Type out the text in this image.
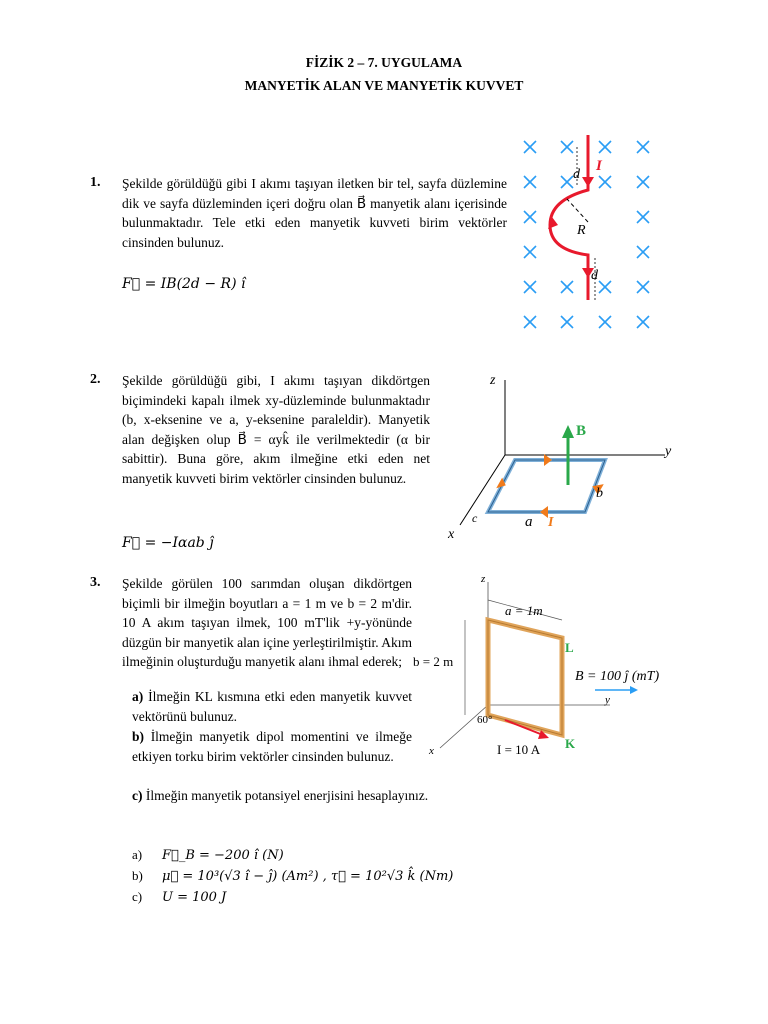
FİZİK 2 – 7. UYGULAMA
MANYETİK ALAN VE MANYETİK KUVVET
1. Şekilde görüldüğü gibi I akımı taşıyan iletken bir tel, sayfa düzlemine dik ve sayfa düzleminden içeri doğru olan B⃗ manyetik alanı içerisinde bulunmaktadır. Tele etki eden manyetik kuvveti birim vektörler cinsinden bulunuz.
F⃗ = IB(2d − R) î
I
d
R
d
2. Şekilde görüldüğü gibi, I akımı taşıyan dikdörtgen biçimindeki kapalı ilmek xy-düzleminde bulunmaktadır (b, x-eksenine ve a, y-eksenine paraleldir). Manyetik alan değişken olup B⃗ = αyk̂ ile verilmektedir (α bir sabittir). Buna göre, akım ilmeğine etki eden net manyetik kuvveti birim vektörler cinsinden bulunuz.
F⃗ = −Iαab ĵ
z
y
x
B⃗
b
c	a I
3. Şekilde görülen 100 sarımdan oluşan dikdörtgen biçimli bir ilmeğin boyutları a = 1 m ve b = 2 m'dir. 10 A akım taşıyan ilmek, 100 mT'lik +y-yönünde düzgün bir manyetik alan içine yerleştirilmiştir. Akım ilmeğinin oluşturduğu manyetik alanı ihmal ederek;
a) İlmeğin KL kısmına etki eden manyetik kuvvet vektörünü bulunuz.
b) İlmeğin manyetik dipol momentini ve ilmeğe etkiyen torku birim vektörler cinsinden bulunuz.
c) İlmeğin manyetik potansiyel enerjisini hesaplayınız.
a) F⃗_B = −200 î (N)
b) μ⃗ = 10³(√3 î − ĵ) (Am²) , τ⃗ = 10²√3 k̂ (Nm)
c) U = 100 J
z
y
x
a = 1m
b = 2 m
L
K
B = 100 ĵ (mT)
60°
I = 10 A
